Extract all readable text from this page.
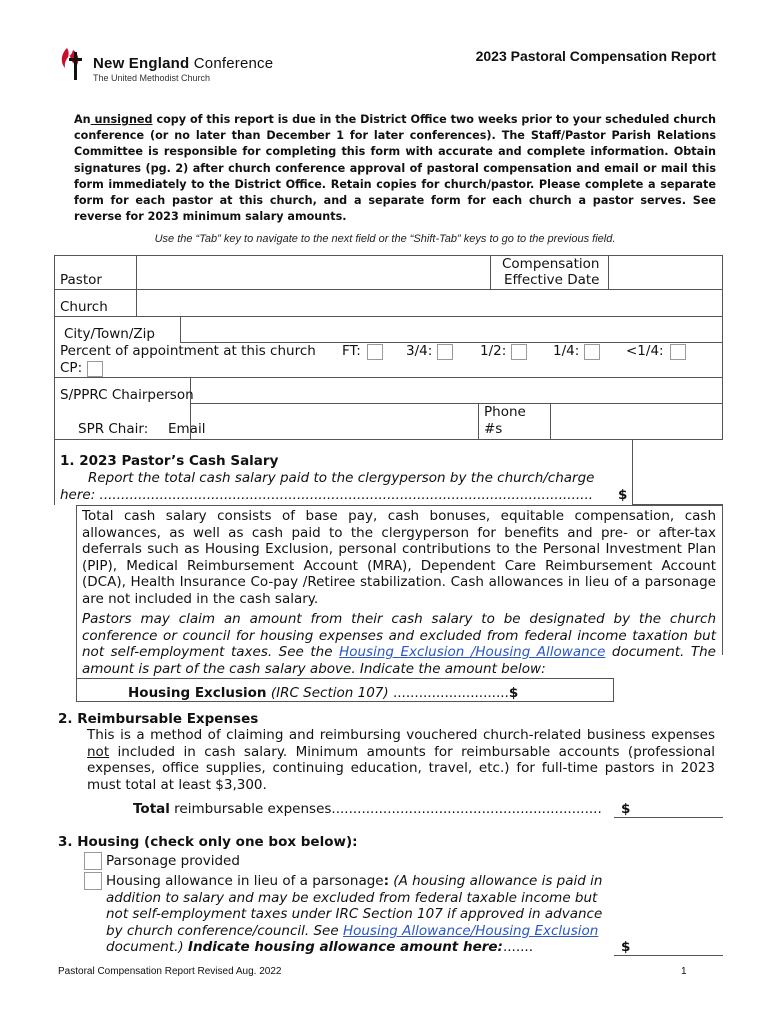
New England Conference
The United Methodist Church
2023 Pastoral Compensation Report
An unsigned copy of this report is due in the District Office two weeks prior to your scheduled church conference (or no later than December 1 for later conferences). The Staff/Pastor Parish Relations Committee is responsible for completing this form with accurate and complete information. Obtain signatures (pg. 2) after church conference approval of pastoral compensation and email or mail this form immediately to the District Office. Retain copies for church/pastor. Please complete a separate form for each pastor at this church, and a separate form for each church a pastor serves. See reverse for 2023 minimum salary amounts.
Use the “Tab” key to navigate to the next field or the “Shift-Tab” keys to go to the previous field.
Pastor
Compensation
Effective Date
Church
City/Town/Zip
Percent of appointment at this church FT:	3/4:	1/2:	1/4:	<1/4:
CP:
S/PPRC Chairperson
SPR Chair: Email
Phone
#s
1. 2023 Pastor’s Cash Salary
Report the total cash salary paid to the clergyperson by the church/charge
here: ...................................................................................................................	$
Total cash salary consists of base pay, cash bonuses, equitable compensation, cash allowances, as well as cash paid to the clergyperson for benefits and pre- or after-tax deferrals such as Housing Exclusion, personal contributions to the Personal Investment Plan (PIP), Medical Reimbursement Account (MRA), Dependent Care Reimbursement Account (DCA), Health Insurance Co-pay /Retiree stabilization. Cash allowances in lieu of a parsonage are not included in the cash salary.
Pastors may claim an amount from their cash salary to be designated by the church conference or council for housing expenses and excluded from federal income taxation but not self-employment taxes. See the Housing Exclusion /Housing Allowance document. The amount is part of the cash salary above. Indicate the amount below:
Housing Exclusion (IRC Section 107) ...........................$
2. Reimbursable Expenses
This is a method of claiming and reimbursing vouchered church-related business expenses not included in cash salary. Minimum amounts for reimbursable accounts (professional expenses, office supplies, continuing education, travel, etc.) for full-time pastors in 2023 must total at least $3,300.
Total reimbursable expenses............................................................... $
3. Housing (check only one box below):
Parsonage provided
Housing allowance in lieu of a parsonage: (A housing allowance is paid in addition to salary and may be excluded from federal taxable income but not self-employment taxes under IRC Section 107 if approved in advance by church conference/council. See Housing Allowance/Housing Exclusion document.) Indicate housing allowance amount here:.......	$
Pastoral Compensation Report Revised Aug. 2022	1
